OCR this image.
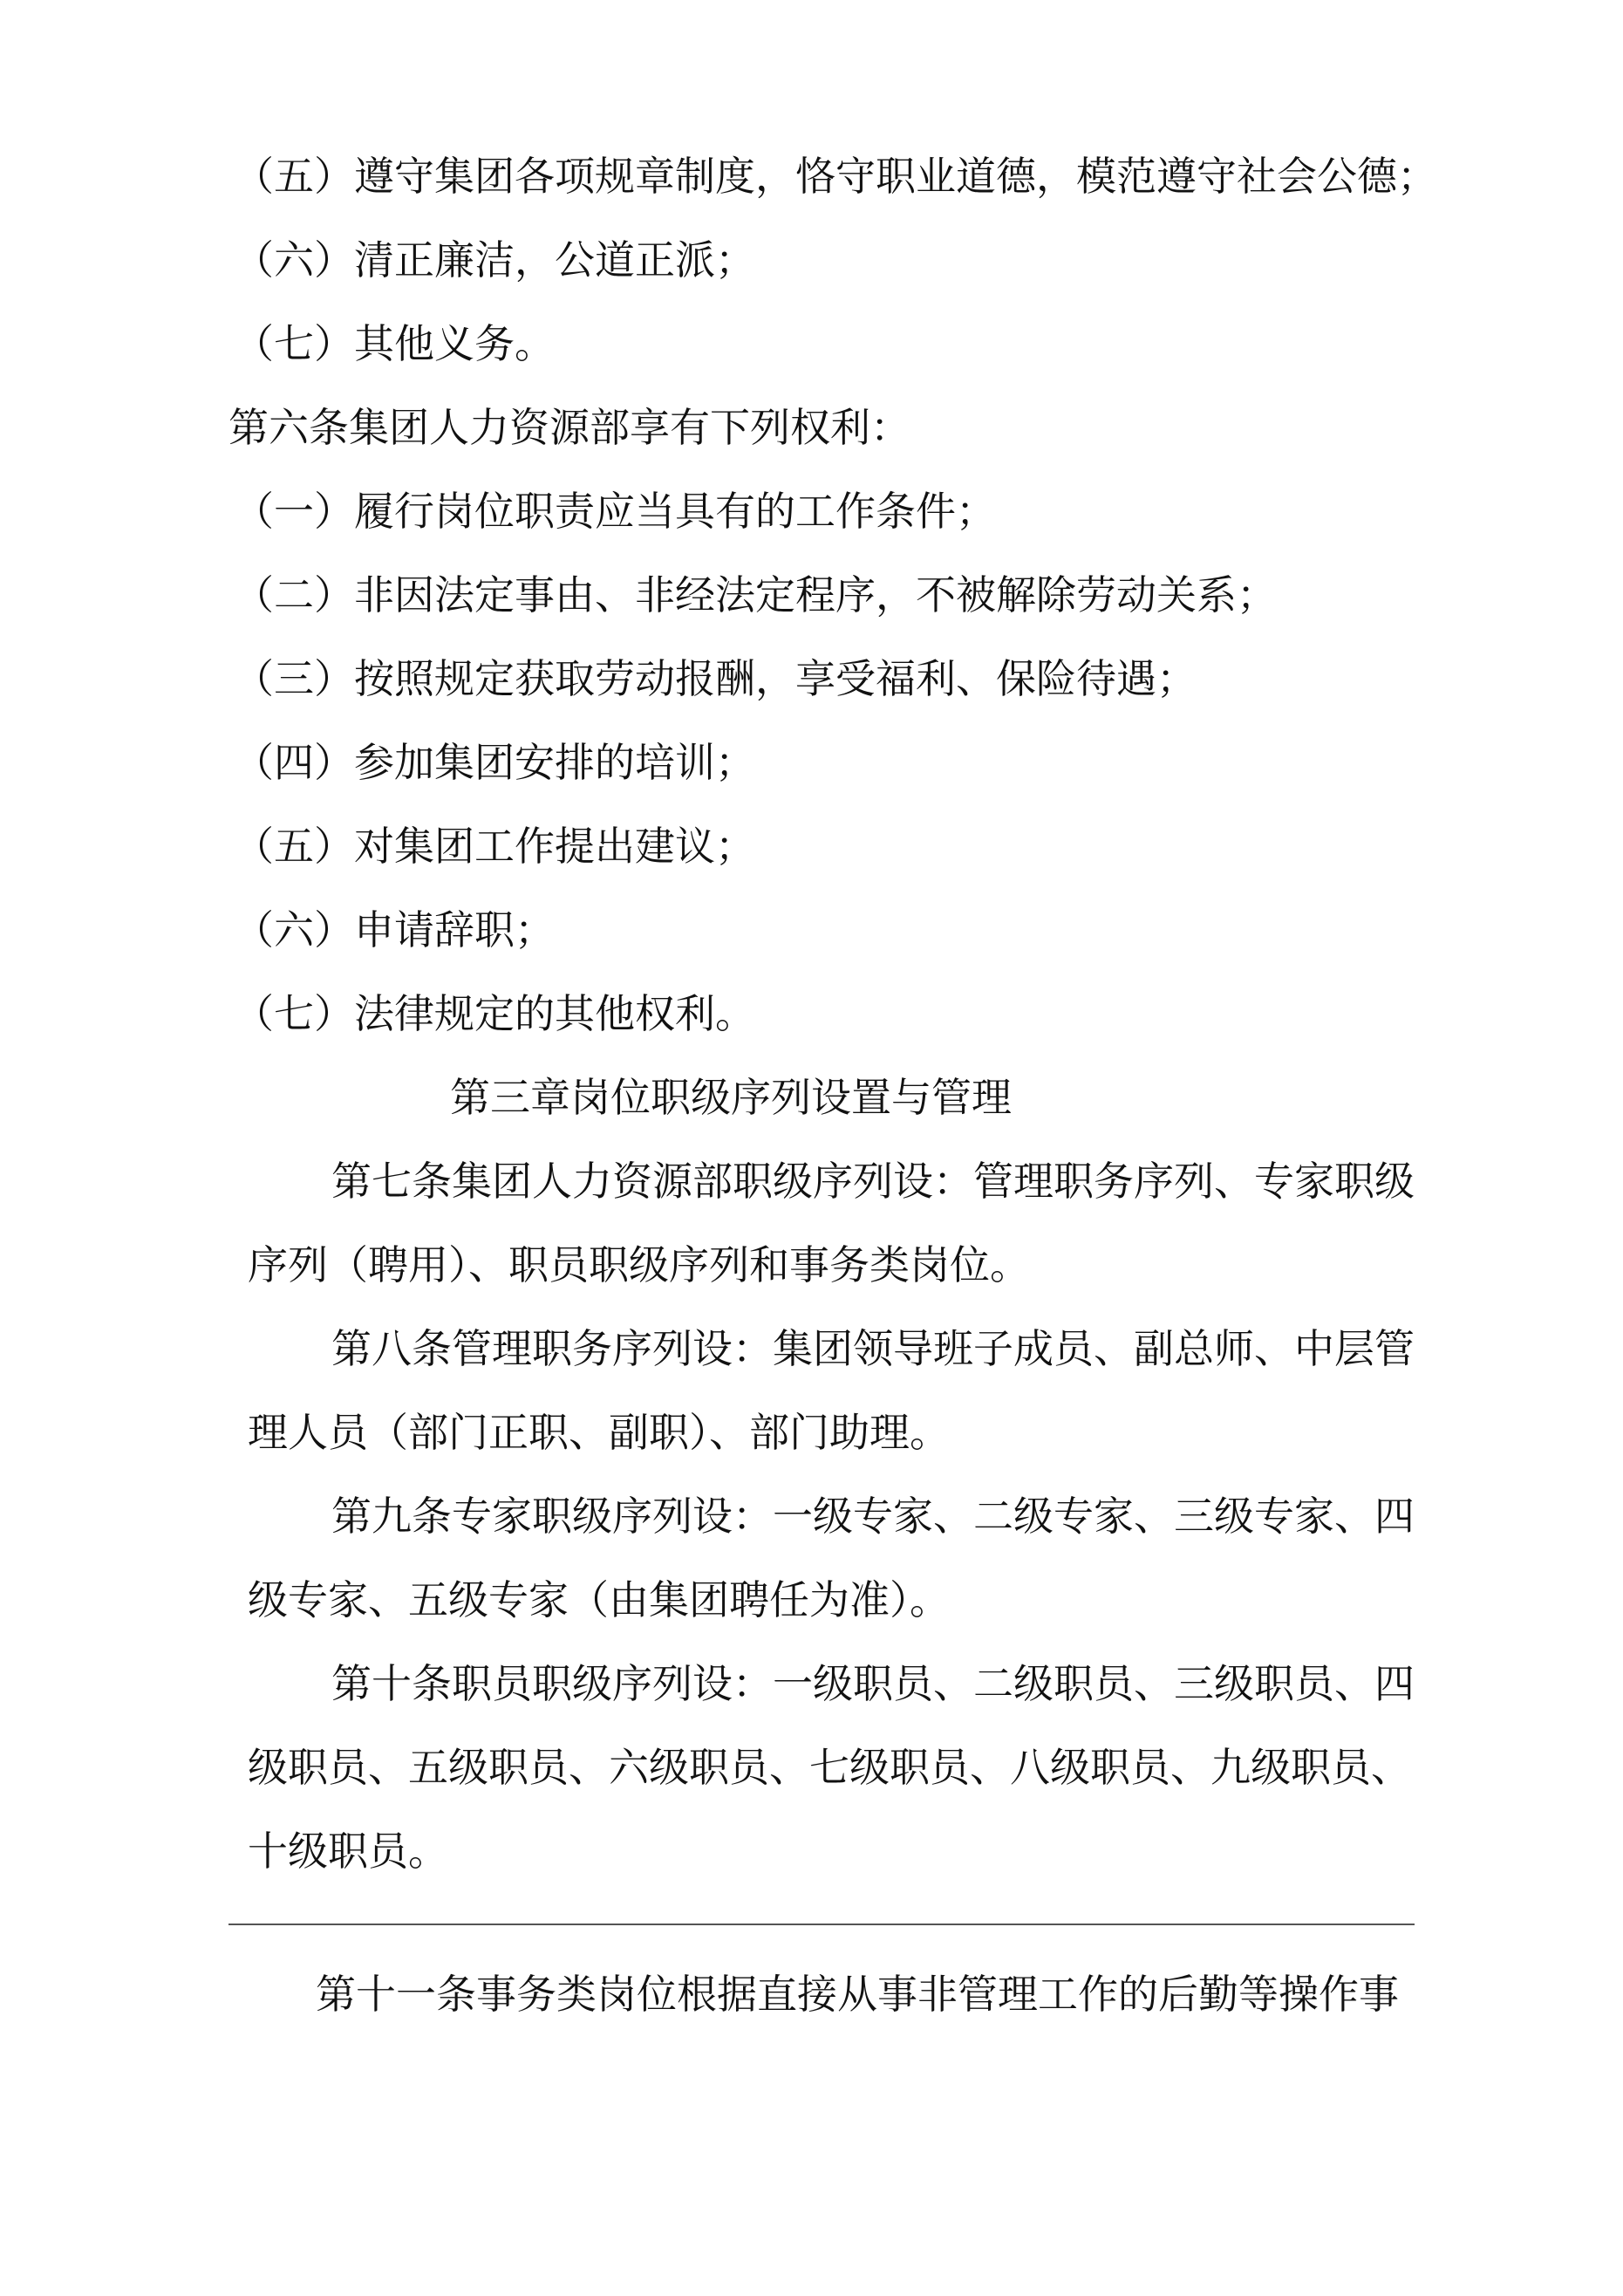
（五）遵守集团各项规章制度，恪守职业道德，模范遵守社会公德；
（六）清正廉洁，公道正派；
（七）其他义务。
第六条集团人力资源部享有下列权利：
（一）履行岗位职责应当具有的工作条件；
（二）非因法定事由、非经法定程序，不被解除劳动关系；
（三）按照规定获取劳动报酬，享受福利、保险待遇；
（四）参加集团安排的培训；
（五）对集团工作提出建议；
（六）申请辞职；
（七）法律规定的其他权利。
第三章岗位职级序列设置与管理
第七条集团人力资源部职级序列设：管理职务序列、专家职级
序列（聘用）、职员职级序列和事务类岗位。
第八条管理职务序列设：集团领导班子成员、副总师、中层管
理人员（部门正职、副职）、部门助理。
第九条专家职级序列设：一级专家、二级专家、三级专家、四
级专家、五级专家（由集团聘任为准）。
第十条职员职级序列设：一级职员、二级职员、三级职员、四
级职员、五级职员、六级职员、七级职员、八级职员、九级职员、
十级职员。
第十一条事务类岗位根据直接从事非管理工作的后勤等操作事
